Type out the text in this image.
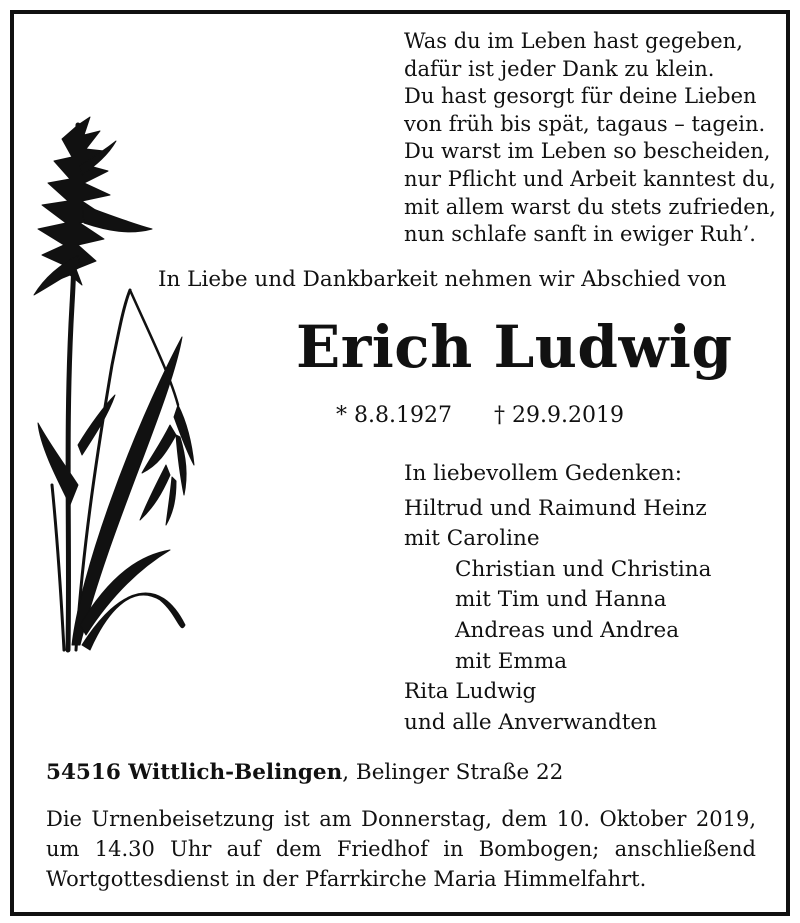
Was du im Leben hast gegeben,
dafür ist jeder Dank zu klein.
Du hast gesorgt für deine Lieben
von früh bis spät, tagaus – tagein.
Du warst im Leben so bescheiden,
nur Pflicht und Arbeit kanntest du,
mit allem warst du stets zufrieden,
nun schlafe sanft in ewiger Ruh’.
In Liebe und Dankbarkeit nehmen wir Abschied von
Erich Ludwig
* 8.8.1927 † 29.9.2019
In liebevollem Gedenken:
Hiltrud und Raimund Heinz
mit Caroline
Christian und Christina
mit Tim und Hanna
Andreas und Andrea
mit Emma
Rita Ludwig
und alle Anverwandten
54516 Wittlich-Belingen, Belinger Straße 22
Die Urnenbeisetzung ist am Donnerstag, dem 10. Oktober 2019, um 14.30 Uhr auf dem Friedhof in Bombogen; anschließend Wortgottesdienst in der Pfarrkirche Maria Himmelfahrt.
